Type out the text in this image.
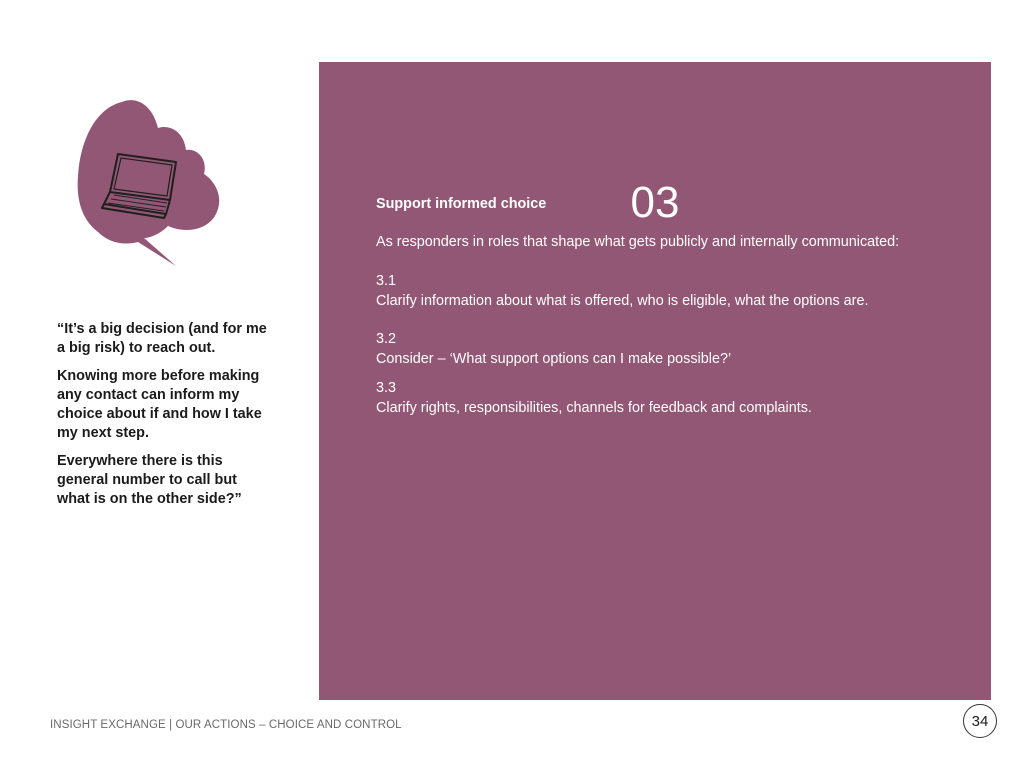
“It’s a big decision (and for me a big risk) to reach out.

Knowing more before making any contact can inform my choice about if and how I take my next step.

Everywhere there is this general number to call but what is on the other side?”

03

Support informed choice

As responders in roles that shape what gets publicly and internally communicated:

3.1
Clarify information about what is offered, who is eligible, what the options are.
3.2
Consider – ‘What support options can I make possible?’
3.3
Clarify rights, responsibilities, channels for feedback and complaints.
INSIGHT EXCHANGE | OUR ACTIONS – CHOICE AND CONTROL	34
